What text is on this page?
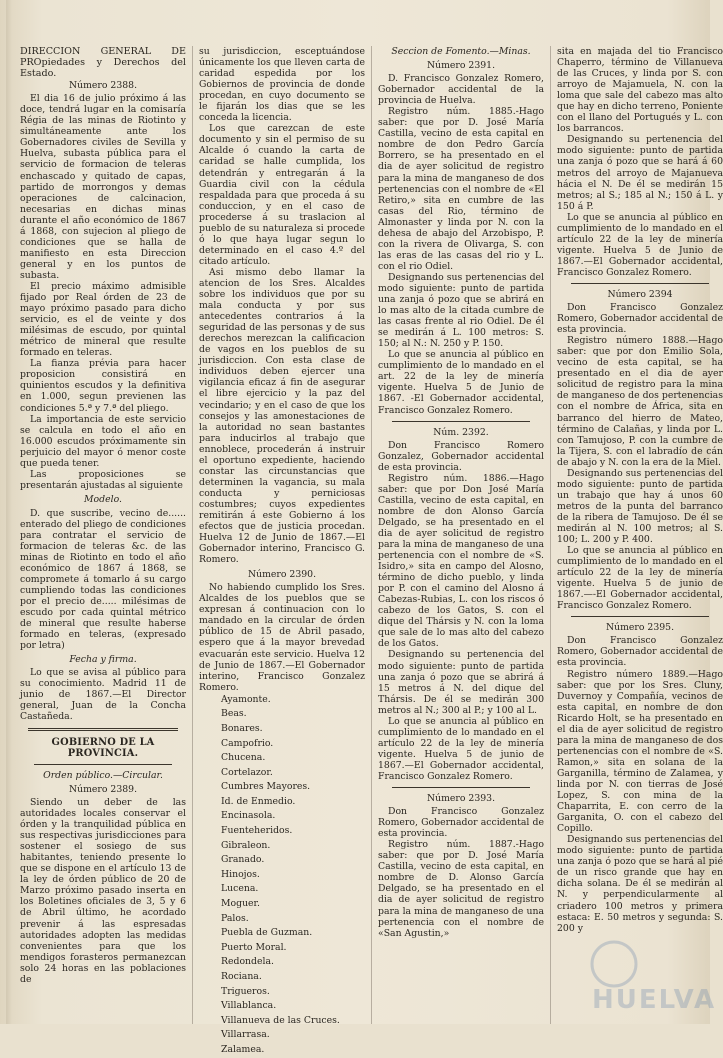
DIRECCION GENERAL DE PROpiedades y Derechos del Estado.

Número 2388.

El dia 16 de julio próximo á las doce, tendrá lugar en la comisaría Régia de las minas de Riotinto y simultáneamente ante los Gobernadores civiles de Sevilla y Huelva, subasta pública para el servicio de formacion de teleras enchascado y quitado de capas, partido de morrongos y demas operaciones de calcinacion, necesarias en dichas minas durante el año económico de 1867 á 1868, con sujecion al pliego de condiciones que se halla de manifiesto en esta Direccion general y en los puntos de subasta.

El precio máximo admisible fijado por Real órden de 23 de mayo próximo pasado para dicho servicio, es el de veinte y dos milésimas de escudo, por quintal métrico de mineral que resulte formado en teleras.

La fianza prévia para hacer proposicion consistirá en quinientos escudos y la definitiva en 1.000, segun previenen las condiciones 5.ª y 7.ª del pliego.

La importancia de este servicio se calcula en todo el año en 16.000 escudos próximamente sin perjuicio del mayor ó menor coste que pueda tener.

Las proposiciones se presentarán ajustadas al siguiente

Modelo.

D. que suscribe, vecino de...... enterado del pliego de condiciones para contratar el servicio de formacion de teleras &c. de las minas de Riotinto en todo el año económico de 1867 á 1868, se compromete á tomarlo á su cargo cumpliendo todas las condiciones por el precio de..... milésimas de escudo por cada quintal métrico de mineral que resulte haberse formado en teleras, (expresado por letra)

Fecha y firma.

Lo que se avisa al público para su conocimiento. Madrid 11 de junio de 1867.—El Director general, Juan de la Concha Castañeda.

GOBIERNO DE LA PROVINCIA.
Orden público.—Circular.
Número 2389.

Siendo un deber de las autoridades locales conservar el órden y la tranquilidad pública en sus respectivas jurisdicciones para sostener el sosiego de sus habitantes, teniendo presente lo que se dispone en el artículo 13 de la ley de órden público de 20 de Marzo próximo pasado inserta en los Boletines oficiales de 3, 5 y 6 de Abril último, he acordado prevenir á las espresadas autoridades adopten las medidas convenientes para que los mendigos forasteros permanezcan solo 24 horas en las poblaciones de

su jurisdiccion, esceptuándose únicamente los que lleven carta de caridad espedida por los Gobiernos de provincia de donde procedan, en cuyo documento se le fijarán los dias que se les conceda la licencia.

Los que carezcan de este documento y sin el permiso de su Alcalde ó cuando la carta de caridad se halle cumplida, los detendrán y entregarán á la Guardia civil con la cédula respaldada para que proceda á su conduccion, y en el caso de procederse á su traslacion al pueblo de su naturaleza si procede ó lo que haya lugar segun lo determinado en el caso 4.º del citado artículo.

Asi mismo debo llamar la atencion de los Sres. Alcaldes sobre los individuos que por su mala conducta y por sus antecedentes contrarios á la seguridad de las personas y de sus derechos merezcan la calificacion de vagos en los pueblos de su jurisdiccion. Con esta clase de individuos deben ejercer una vigilancia eficaz á fin de asegurar el libre ejercicio y la paz del vecindario; y en el caso de que los consejos y las amonestaciones de la autoridad no sean bastantes para inducirlos al trabajo que ennoblece, procederán á instruir el oportuno expediente, haciendo constar las circunstancias que determinen la vagancia, su mala conducta y perniciosas costumbres; cuyos expedientes remitirán á este Gobierno á los efectos que de justicia procedan. Huelva 12 de Junio de 1867.—El Gobernador interino, Francisco G. Romero.

Número 2390.

No habiendo cumplido los Sres. Alcaldes de los pueblos que se expresan á continuacion con lo mandado en la circular de órden público de 15 de Abril pasado, espero que á la mayor brevedad evacuarán este servicio. Huelva 12 de Junio de 1867.—El Gobernador interino, Francisco Gonzalez Romero.

Ayamonte.
Beas.
Bonares.
Campofrio.
Chucena.
Cortelazor.
Cumbres Mayores.
Id. de Enmedio.
Encinasola.
Fuenteheridos.
Gibraleon.
Granado.
Hinojos.
Lucena.
Moguer.
Palos.
Puebla de Guzman.
Puerto Moral.
Redondela.
Rociana.
Trigueros.
Villablanca.
Villanueva de las Cruces.
Villarrasa.
Zalamea.
Seccion de Fomento.—Minas.
Número 2391.

D. Francisco Gonzalez Romero, Gobernador accidental de la provincia de Huelva.

Registro núm. 1885.-Hago saber: que por D. José María Castilla, vecino de esta capital en nombre de don Pedro García Borrero, se ha presentado en el dia de ayer solicitud de registro para la mina de manganeso de dos pertenencias con el nombre de «El Retiro,» sita en cumbre de las casas del Rio, término de Almonaster y linda por N. con la dehesa de abajo del Arzobispo, P. con la rivera de Olivarga, S. con las eras de las casas del rio y L. con el rio Odiel.

Designando sus pertenencias del modo siguiente: punto de partida una zanja ó pozo que se abrirá en lo mas alto de la citada cumbre de las casas frente al rio Odiel. De él se medirán á L. 100 metros: S. 150; al N.: N. 250 y P. 150.

Lo que se anuncia al público en cumplimiento de lo mandado en el art. 22 de la ley de minería vigente. Huelva 5 de Junio de 1867. -El Gobernador accidental, Francisco Gonzalez Romero.

Núm. 2392.

Don Francisco Romero Gonzalez, Gobernador accidental de esta provincia.

Registro núm. 1886.—Hago saber: que por Don José María Castilla, vecino de esta capital, en nombre de don Alonso García Delgado, se ha presentado en el dia de ayer solicitud de registro para la mina de manganeso de una pertenencia con el nombre de «S. Isidro,» sita en campo del Alosno, término de dicho pueblo, y linda por P. con el camino del Alosno á Cabezas-Rubias, L. con los riscos ó cabezo de los Gatos, S. con el dique del Thársis y N. con la loma que sale de lo mas alto del cabezo de los Gatos.

Designando su pertenencia del modo siguiente: punto de partida una zanja ó pozo que se abrirá á 15 metros á N. del dique del Thársis. De él se medirán 300 metros al N.; 300 al P.; y 100 al L.

Lo que se anuncia al público en cumplimiento de lo mandado en el artículo 22 de la ley de minería vigente. Huelva 5 de junio de 1867.—El Gobernador accidental, Francisco Gonzalez Romero.

Número 2393.

Don Francisco Gonzalez Romero, Gobernador accidental de esta provincia.

Registro núm. 1887.-Hago saber: que por D. José María Castilla, vecino de esta capital, en nombre de D. Alonso García Delgado, se ha presentado en el dia de ayer solicitud de registro para la mina de manganeso de una pertenencia con el nombre de «San Agustin,»

sita en majada del tio Francisco Chaperro, término de Villanueva de las Cruces, y linda por S. con arroyo de Majamuela, N. con la loma que sale del cabezo mas alto que hay en dicho terreno, Poniente con el llano del Portugués y L. con los barrancos.

Designando su pertenencia del modo siguiente: punto de partida una zanja ó pozo que se hará á 60 metros del arroyo de Majanueva hácia el N. De él se medirán 15 metros; al S.; 185 al N.; 150 á L. y 150 á P.

Lo que se anuncia al público en cumplimiento de lo mandado en el artículo 22 de la ley de minería vigente. Huelva 5 de Junio de 1867.—El Gobernador accidental, Francisco Gonzalez Romero.

Número 2394

Don Francisco Gonzalez Romero, Gobernador accidental de esta provincia.

Registro número 1888.—Hago saber: que por don Emilio Sola, vecino de esta capital, se ha presentado en el dia de ayer solicitud de registro para la mina de manganeso de dos pertenencias con el nombre de África, sita en barranco del hierro de Mateo, término de Calañas, y linda por L. con Tamujoso, P. con la cumbre de la Tijera, S. con el labradío de cán de abajo y N. con la era de la Miel.

Designando sus pertenencias del modo siguiente: punto de partida un trabajo que hay á unos 60 metros de la punta del barranco de la ribera de Tamujoso. De él se medirán al N. 100 metros; al S. 100; L. 200 y P. 400.

Lo que se anuncia al público en cumplimiento de lo mandado en el artículo 22 de la ley de minería vigente. Huelva 5 de junio de 1867.—-El Gobernador accidental, Francisco Gonzalez Romero.

Número 2395.

Don Francisco Gonzalez Romero, Gobernador accidental de esta provincia.

Registro número 1889.—Hago saber: que por los Sres. Cluny, Duvernoy y Compañía, vecinos de esta capital, en nombre de don Ricardo Holt, se ha presentado en el dia de ayer solicitud de registro para la mina de manganeso de dos pertenencias con el nombre de «S. Ramon,» sita en solana de la Garganilla, término de Zalamea, y linda por N. con tierras de José Lopez, S. con mina de la Chaparrita, E. con cerro de la Garganita, O. con el cabezo del Copillo.

Designando sus pertenencias del modo siguiente: punto de partida una zanja ó pozo que se hará al pié de un risco grande que hay en dicha solana. De él se medirán al N. y perpendicularmente al criadero 100 metros y primera estaca: E. 50 metros y segunda: S. 200 y

HUELVA
